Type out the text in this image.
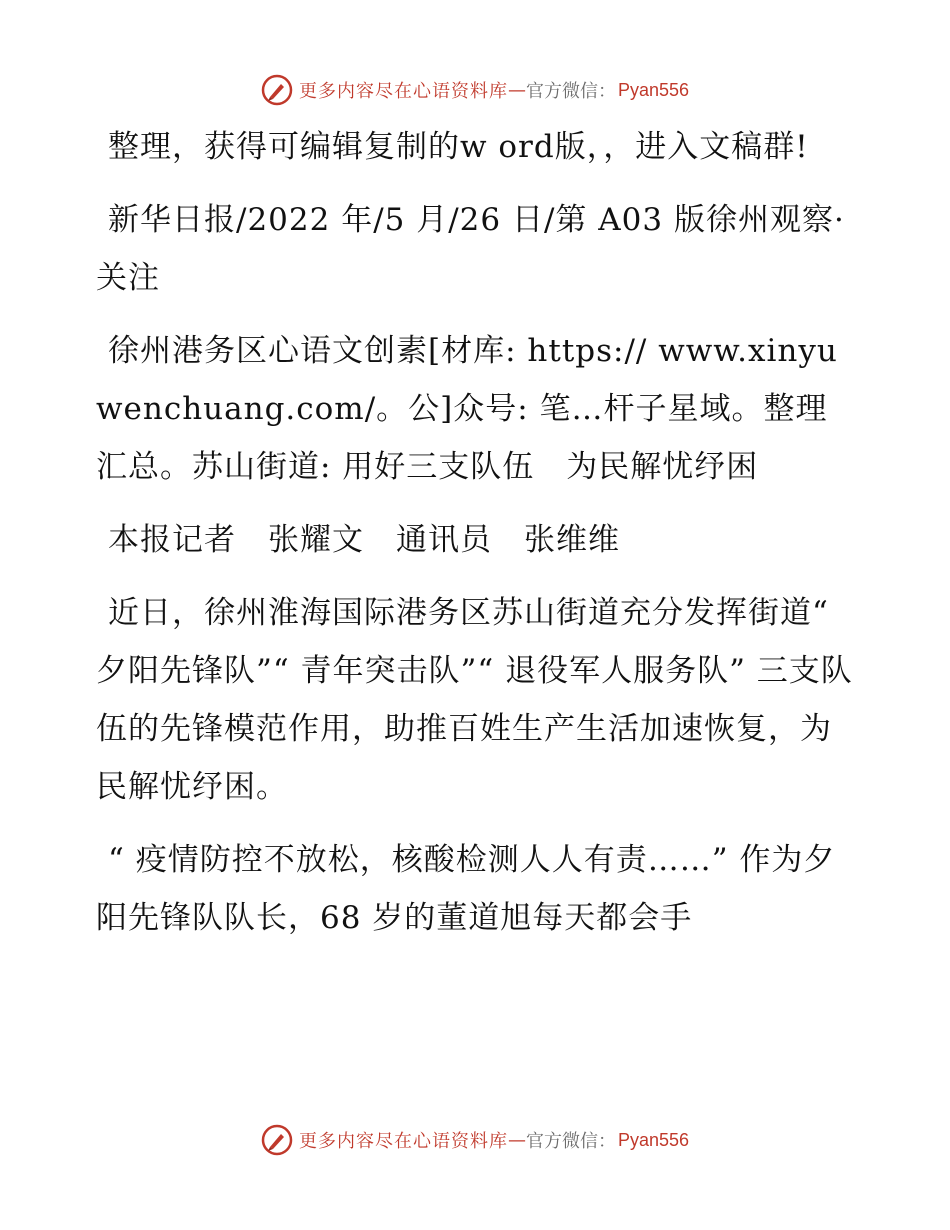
更多内容尽在心语资料库 — 官方微信： Pyan556

整理，获得可编辑复制的w ord版，，进入文稿群!

新华日报/2022 年/5 月/26 日/第 A03 版徐州观察· 关注

徐州港务区心语文创素[材库: https:// www.xinyuwenchuang.com/。公]众号: 笔…杆子星域。整理汇总。苏山街道: 用好三支队伍　为民解忧纾困

本报记者　张耀文　通讯员　张维维

近日，徐州淮海国际港务区苏山街道充分发挥街道“ 夕阳先锋队”“ 青年突击队”“ 退役军人服务队” 三支队伍的先锋模范作用，助推百姓生产生活加速恢复，为民解忧纾困。

“ 疫情防控不放松，核酸检测人人有责……” 作为夕阳先锋队队长，68 岁的董道旭每天都会手

更多内容尽在心语资料库 — 官方微信： Pyan556
